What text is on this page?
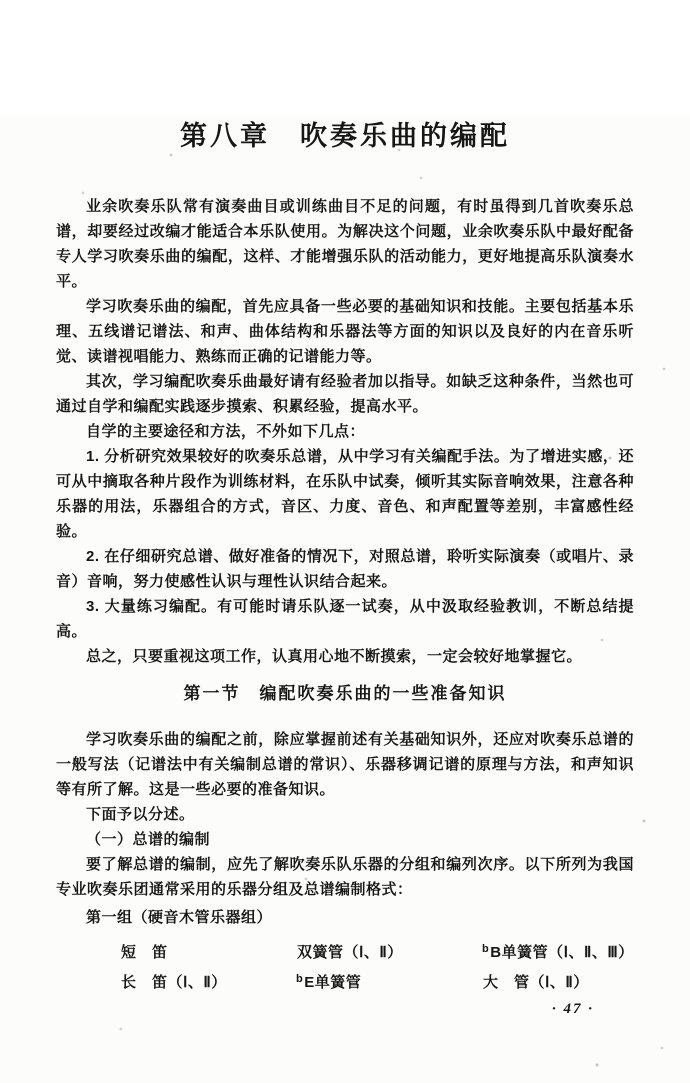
第八章　吹奏乐曲的编配

业余吹奏乐队常有演奏曲目或训练曲目不足的问题，有时虽得到几首吹奏乐总谱，却要经过改编才能适合本乐队使用。为解决这个问题，业余吹奏乐队中最好配备专人学习吹奏乐曲的编配，这样、才能增强乐队的活动能力，更好地提高乐队演奏水平。

学习吹奏乐曲的编配，首先应具备一些必要的基础知识和技能。主要包括基本乐理、五线谱记谱法、和声、曲体结构和乐器法等方面的知识以及良好的内在音乐听觉、读谱视唱能力、熟练而正确的记谱能力等。

其次，学习编配吹奏乐曲最好请有经验者加以指导。如缺乏这种条件，当然也可通过自学和编配实践逐步摸索、积累经验，提高水平。

自学的主要途径和方法，不外如下几点：

1. 分析研究效果较好的吹奏乐总谱，从中学习有关编配手法。为了增进实感，还可从中摘取各种片段作为训练材料，在乐队中试奏，倾听其实际音响效果，注意各种乐器的用法，乐器组合的方式，音区、力度、音色、和声配置等差别，丰富感性经验。

2. 在仔细研究总谱、做好准备的情况下，对照总谱，聆听实际演奏（或唱片、录音）音响，努力使感性认识与理性认识结合起来。

3. 大量练习编配。有可能时请乐队逐一试奏，从中汲取经验教训，不断总结提高。

总之，只要重视这项工作，认真用心地不断摸索，一定会较好地掌握它。

第一节　编配吹奏乐曲的一些准备知识

学习吹奏乐曲的编配之前，除应掌握前述有关基础知识外，还应对吹奏乐总谱的一般写法（记谱法中有关编制总谱的常识）、乐器移调记谱的原理与方法，和声知识等有所了解。这是一些必要的准备知识。

下面予以分述。

（一）总谱的编制

要了解总谱的编制，应先了解吹奏乐队乐器的分组和编列次序。以下所列为我国专业吹奏乐团通常采用的乐器分组及总谱编制格式：

第一组（硬音木管乐器组）

短　笛	双簧管（Ⅰ、Ⅱ）	$^b$B单簧管（Ⅰ、Ⅱ、Ⅲ）
长　笛（Ⅰ、Ⅱ）	$^b$E单簧管	大　管（Ⅰ、Ⅱ）
· 47 ·
